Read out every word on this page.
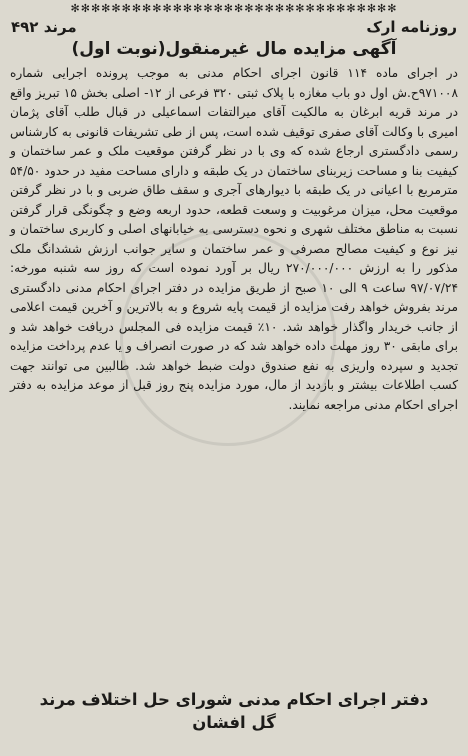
✻✻✻✻✻✻✻✻✻✻✻✻✻✻✻✻✻✻✻✻✻✻✻✻✻✻✻✻✻✻✻✻
روزنامه ارک
مرند ۴۹۲
آگهی مزایده مال غیرمنقول(نوبت اول)

در اجرای ماده ۱۱۴ قانون اجرای احکام مدنی به موجب پرونده اجرایی شماره ۹۷۱۰۰۸ح.ش اول دو باب مغازه با پلاک ثبتی ۳۲۰ فرعی از ۱۲- اصلی بخش ۱۵ تبریز واقع در مرند قریه ابرغان به مالکیت آقای میرالتفات اسماعیلی در قبال طلب آقای پژمان امیری با وکالت آقای صفری توقیف شده است، پس از طی تشریفات قانونی به کارشناس رسمی دادگستری ارجاع شده که وی با در نظر گرفتن موقعیت ملک و عمر ساختمان و کیفیت بنا و مساحت زیربنای ساختمان در یک طبقه و دارای مساحت مفید در حدود ۵۴/۵۰ مترمربع با اعیانی در یک طبقه با دیوارهای آجری و سقف طاق ضربی و با در نظر گرفتن موقعیت محل، میزان مرغوبیت و وسعت قطعه، حدود اربعه وضع و چگونگی قرار گرفتن نسبت به مناطق مختلف شهری و نحوه دسترسی به خیابانهای اصلی و کاربری ساختمان و نیز نوع و کیفیت مصالح مصرفی و عمر ساختمان و سایر جوانب ارزش ششدانگ ملک مذکور را به ارزش ۲۷۰/۰۰۰/۰۰۰ ریال بر آورد نموده است که روز سه شنبه مورخه: ۹۷/۰۷/۲۴ ساعت ۹ الی ۱۰ صبح از طریق مزایده در دفتر اجرای احکام مدنی دادگستری مرند بفروش خواهد رفت مزایده از قیمت پایه شروع و به بالاترین و آخرین قیمت اعلامی از جانب خریدار واگذار خواهد شد. ۱۰٪ قیمت مزایده فی المجلس دریافت خواهد شد و برای مابقی ۳۰ روز مهلت داده خواهد شد که در صورت انصراف و یا عدم پرداخت مزایده تجدید و سپرده واریزی به نفع صندوق دولت ضبط خواهد شد. طالبین می توانند جهت کسب اطلاعات بیشتر و بازدید از مال، مورد مزایده پنج روز قبل از موعد مزایده به دفتر اجرای احکام مدنی مراجعه نمایند.

دفتر اجرای احکام مدنی شورای حل اختلاف مرند
گل افشان
